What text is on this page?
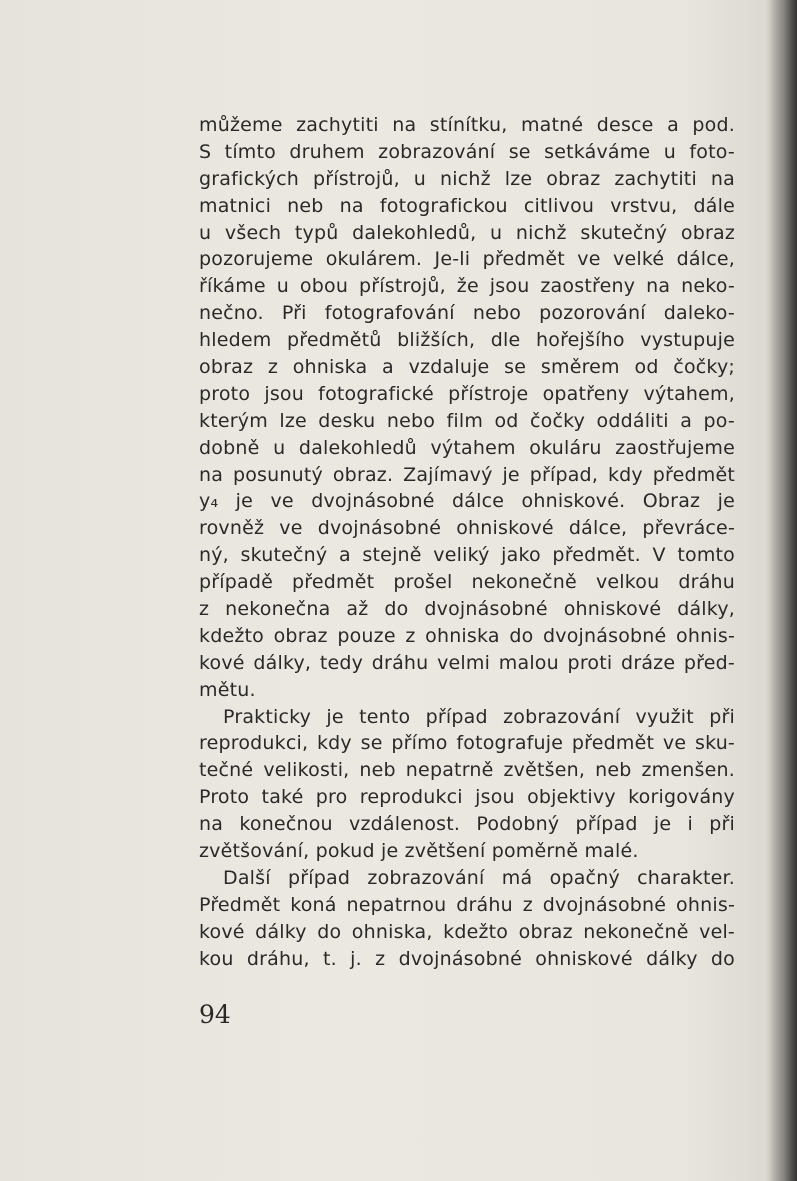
můžeme zachytiti na stínítku, matné desce a pod.
S tímto druhem zobrazování se setkáváme u foto-
grafických přístrojů, u nichž lze obraz zachytiti na
matnici neb na fotografickou citlivou vrstvu, dále
u všech typů dalekohledů, u nichž skutečný obraz
pozorujeme okulárem. Je-li předmět ve velké dálce,
říkáme u obou přístrojů, že jsou zaostřeny na neko-
nečno. Při fotografování nebo pozorování daleko-
hledem předmětů bližších, dle hořejšího vystupuje
obraz z ohniska a vzdaluje se směrem od čočky;
proto jsou fotografické přístroje opatřeny výtahem,
kterým lze desku nebo film od čočky oddáliti a po-
dobně u dalekohledů výtahem okuláru zaostřujeme
na posunutý obraz. Zajímavý je případ, kdy předmět
y₄ je ve dvojnásobné dálce ohniskové. Obraz je
rovněž ve dvojnásobné ohniskové dálce, převráce-
ný, skutečný a stejně veliký jako předmět. V tomto
případě předmět prošel nekonečně velkou dráhu
z nekonečna až do dvojnásobné ohniskové dálky,
kdežto obraz pouze z ohniska do dvojnásobné ohnis-
kové dálky, tedy dráhu velmi malou proti dráze před-
mětu.
Prakticky je tento případ zobrazování využit při
reprodukci, kdy se přímo fotografuje předmět ve sku-
tečné velikosti, neb nepatrně zvětšen, neb zmenšen.
Proto také pro reprodukci jsou objektivy korigovány
na konečnou vzdálenost. Podobný případ je i při
zvětšování, pokud je zvětšení poměrně malé.
Další případ zobrazování má opačný charakter.
Předmět koná nepatrnou dráhu z dvojnásobné ohnis-
kové dálky do ohniska, kdežto obraz nekonečně vel-
kou dráhu, t. j. z dvojnásobné ohniskové dálky do
94
